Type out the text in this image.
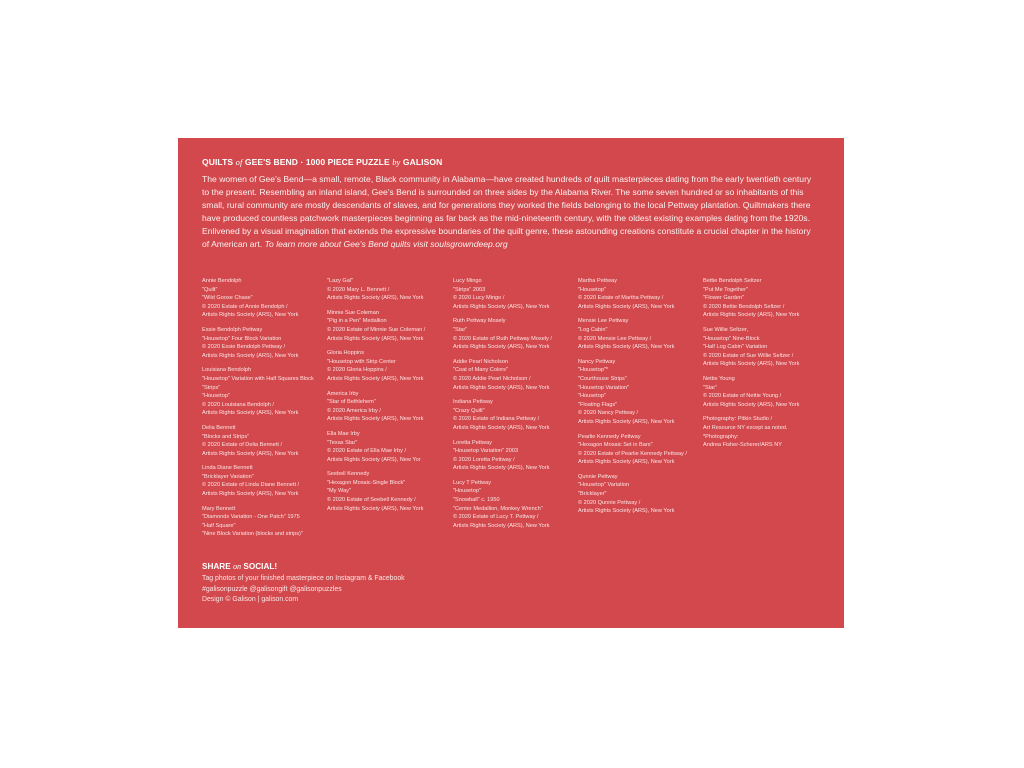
QUILTS of GEE'S BEND · 1000 PIECE PUZZLE by GALISON

The women of Gee's Bend—a small, remote, Black community in Alabama—have created hundreds of quilt masterpieces dating from the early twentieth century to the present. Resembling an inland island, Gee's Bend is surrounded on three sides by the Alabama River. The some seven hundred or so inhabitants of this small, rural community are mostly descendants of slaves, and for generations they worked the fields belonging to the local Pettway plantation. Quiltmakers there have produced countless patchwork masterpieces beginning as far back as the mid-nineteenth century, with the oldest existing examples dating from the 1920s. Enlivened by a visual imagination that extends the expressive boundaries of the quilt genre, these astounding creations constitute a crucial chapter in the history of American art. To learn more about Gee's Bend quilts visit soulsgrowndeep.org

Annie Bendolph
"Quilt"
"Wild Goose Chase"
© 2020 Estate of Annie Bendolph /
Artists Rights Society (ARS), New York
Essie Bendolph Pettway
"Housetop" Four Block Variation
© 2020 Essie Bendolph Pettway /
Artists Rights Society (ARS), New York
Louisiana Bendolph
"Housetop" Variation with Half Squares Block
"Strips"
"Housetop"
© 2020 Louisiana Bendolph /
Artists Rights Society (ARS), New York
Delia Bennett
"Blocks and Strips"
© 2020 Estate of Delia Bennett /
Artists Rights Society (ARS), New York
Linda Diane Bennett
"Bricklayer Variation"
© 2020 Estate of Linda Diane Bennett /
Artists Rights Society (ARS), New York
Mary Bennett
"Diamonds Variation - One Patch" 1975
"Half Square"
"Nine Block Variation (blocks and strips)"
"Lazy Gal"
© 2020 Mary L. Bennett /
Artists Rights Society (ARS), New York
Minnie Sue Coleman
"Pig in a Pen" Medallion
© 2020 Estate of Minnie Sue Coleman /
Artists Rights Society (ARS), New York
Gloria Hoppins
"Housetop with Strip Center
© 2020 Gloria Hoppins /
Artists Rights Society (ARS), New York
America Irby
"Star of Bethlehem"
© 2020 America Irby /
Artists Rights Society (ARS), New York
Ella Mae Irby
"Texas Star"
© 2020 Estate of Ella Mae Irby /
Artists Rights Society (ARS), New Yor
Seebell Kennedy
"Hexagon Mosaic-Single Block"
"My Way"
© 2020 Estate of Seebell Kennedy /
Artists Rights Society (ARS), New York
Lucy Mingo
"Strips" 2003
© 2020 Lucy Mingo /
Artists Rights Society (ARS), New York
Ruth Pettway Mosely
"Star"
© 2020 Estate of Ruth Pettway Mosely /
Artists Rights Society (ARS), New York
Addie Pearl Nicholson
"Coat of Many Colors"
© 2020 Addie Pearl Nicholson /
Artists Rights Society (ARS), New York
Indiana Pettway
"Crazy Quilt"
© 2020 Estate of Indiana Pettway /
Artists Rights Society (ARS), New York
Loretta Pettway
"Housetop Variation" 2003
© 2020 Loretta Pettway /
Artists Rights Society (ARS), New York
Lucy T Pettway
"Housetop"
"Snowball" c. 1950
"Center Medallion, Monkey Wrench"
© 2020 Estate of Lucy T. Pettway /
Artists Rights Society (ARS), New York
Martha Pettway
"Housetop"
© 2020 Estate of Martha Pettway /
Artists Rights Society (ARS), New York
Mensie Lee Pettway
"Log Cabin"
© 2020 Mensie Lee Pettway /
Artists Rights Society (ARS), New York
Nancy Pettway
"Housetop"*
"Courthouse Strips"
"Housetop Variation"
"Housetop"
"Floating Flags"
© 2020 Nancy Pettway /
Artists Rights Society (ARS), New York
Pearlie Kennedy Pettway
"Hexagon Mosaic Set in Bars"
© 2020 Estate of Pearlie Kennedy Pettway /
Artists Rights Society (ARS), New York
Qunnie Pettway
"Housetop" Variation
"Bricklayer"
© 2020 Qunnie Pettway /
Artists Rights Society (ARS), New York
Bettie Bendolph Seltzer
"Put Me Together"
"Flower Garden"
© 2020 Bettie Bendolph Seltzer /
Artists Rights Society (ARS), New York
Sue Willie Seltzer,
"Housetop" Nine-Block
"Half Log Cabin" Variation
© 2020 Estate of Sue Willie Seltzer /
Artists Rights Society (ARS), New York
Nettie Young
"Star"
© 2020 Estate of Nettie Young /
Artists Rights Society (ARS), New York
Photography: Pitkin Studio /
Art Resource NY except as noted.
*Photography:
Andrea Fisher-Scherer/ARS NY
SHARE on SOCIAL!
Tag photos of your finished masterpiece on Instagram & Facebook
#galisonpuzzle @galisongift @galisonpuzzles
Design © Galison | galison.com
